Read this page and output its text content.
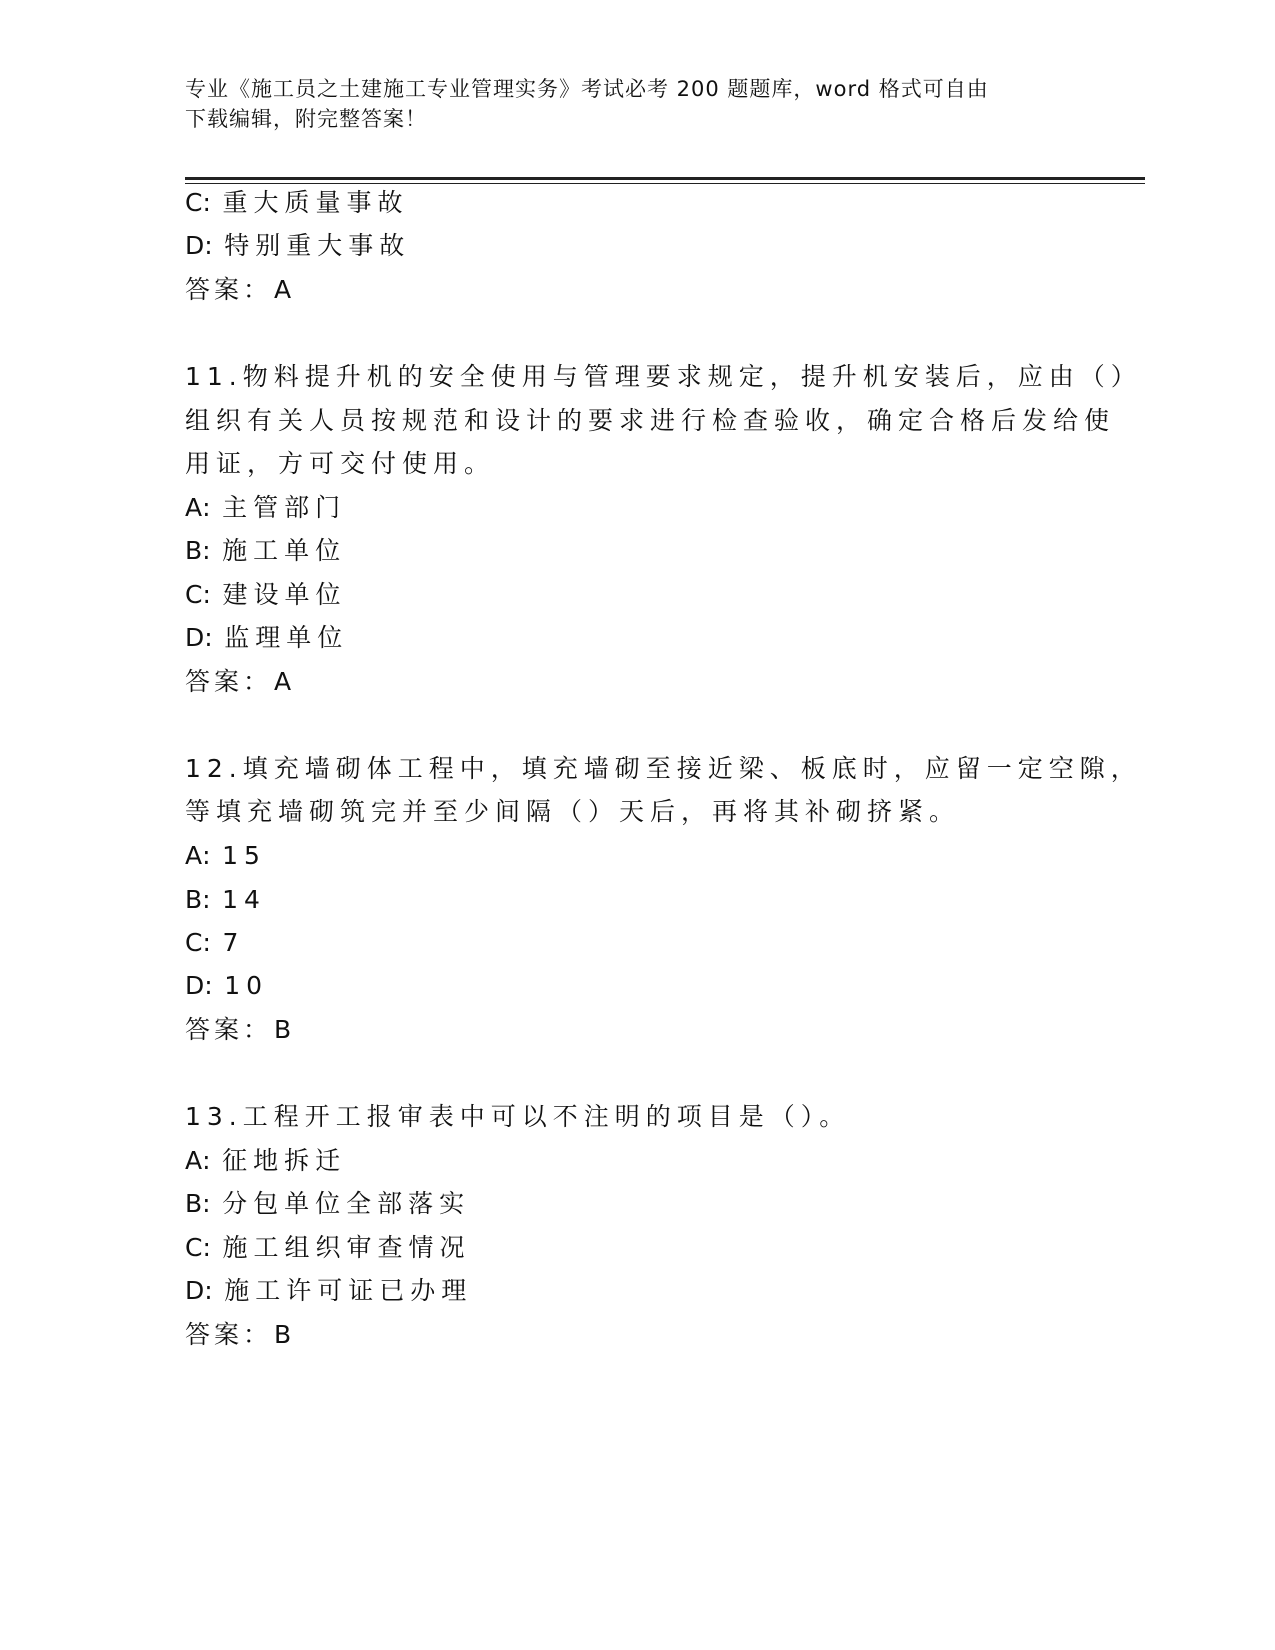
专业《施工员之土建施工专业管理实务》考试必考 200 题题库，word 格式可自由
下载编辑，附完整答案！
C: 重大质量事故
D: 特别重大事故
答案：A
11.物料提升机的安全使用与管理要求规定，提升机安装后，应由（）
组织有关人员按规范和设计的要求进行检查验收，确定合格后发给使
用证，方可交付使用。
A: 主管部门
B: 施工单位
C: 建设单位
D: 监理单位
答案：A
12.填充墙砌体工程中，填充墙砌至接近梁、板底时，应留一定空隙，
等填充墙砌筑完并至少间隔（）天后，再将其补砌挤紧。
A: 15
B: 14
C: 7
D: 10
答案：B
13.工程开工报审表中可以不注明的项目是（）。
A: 征地拆迁
B: 分包单位全部落实
C: 施工组织审查情况
D: 施工许可证已办理
答案：B
